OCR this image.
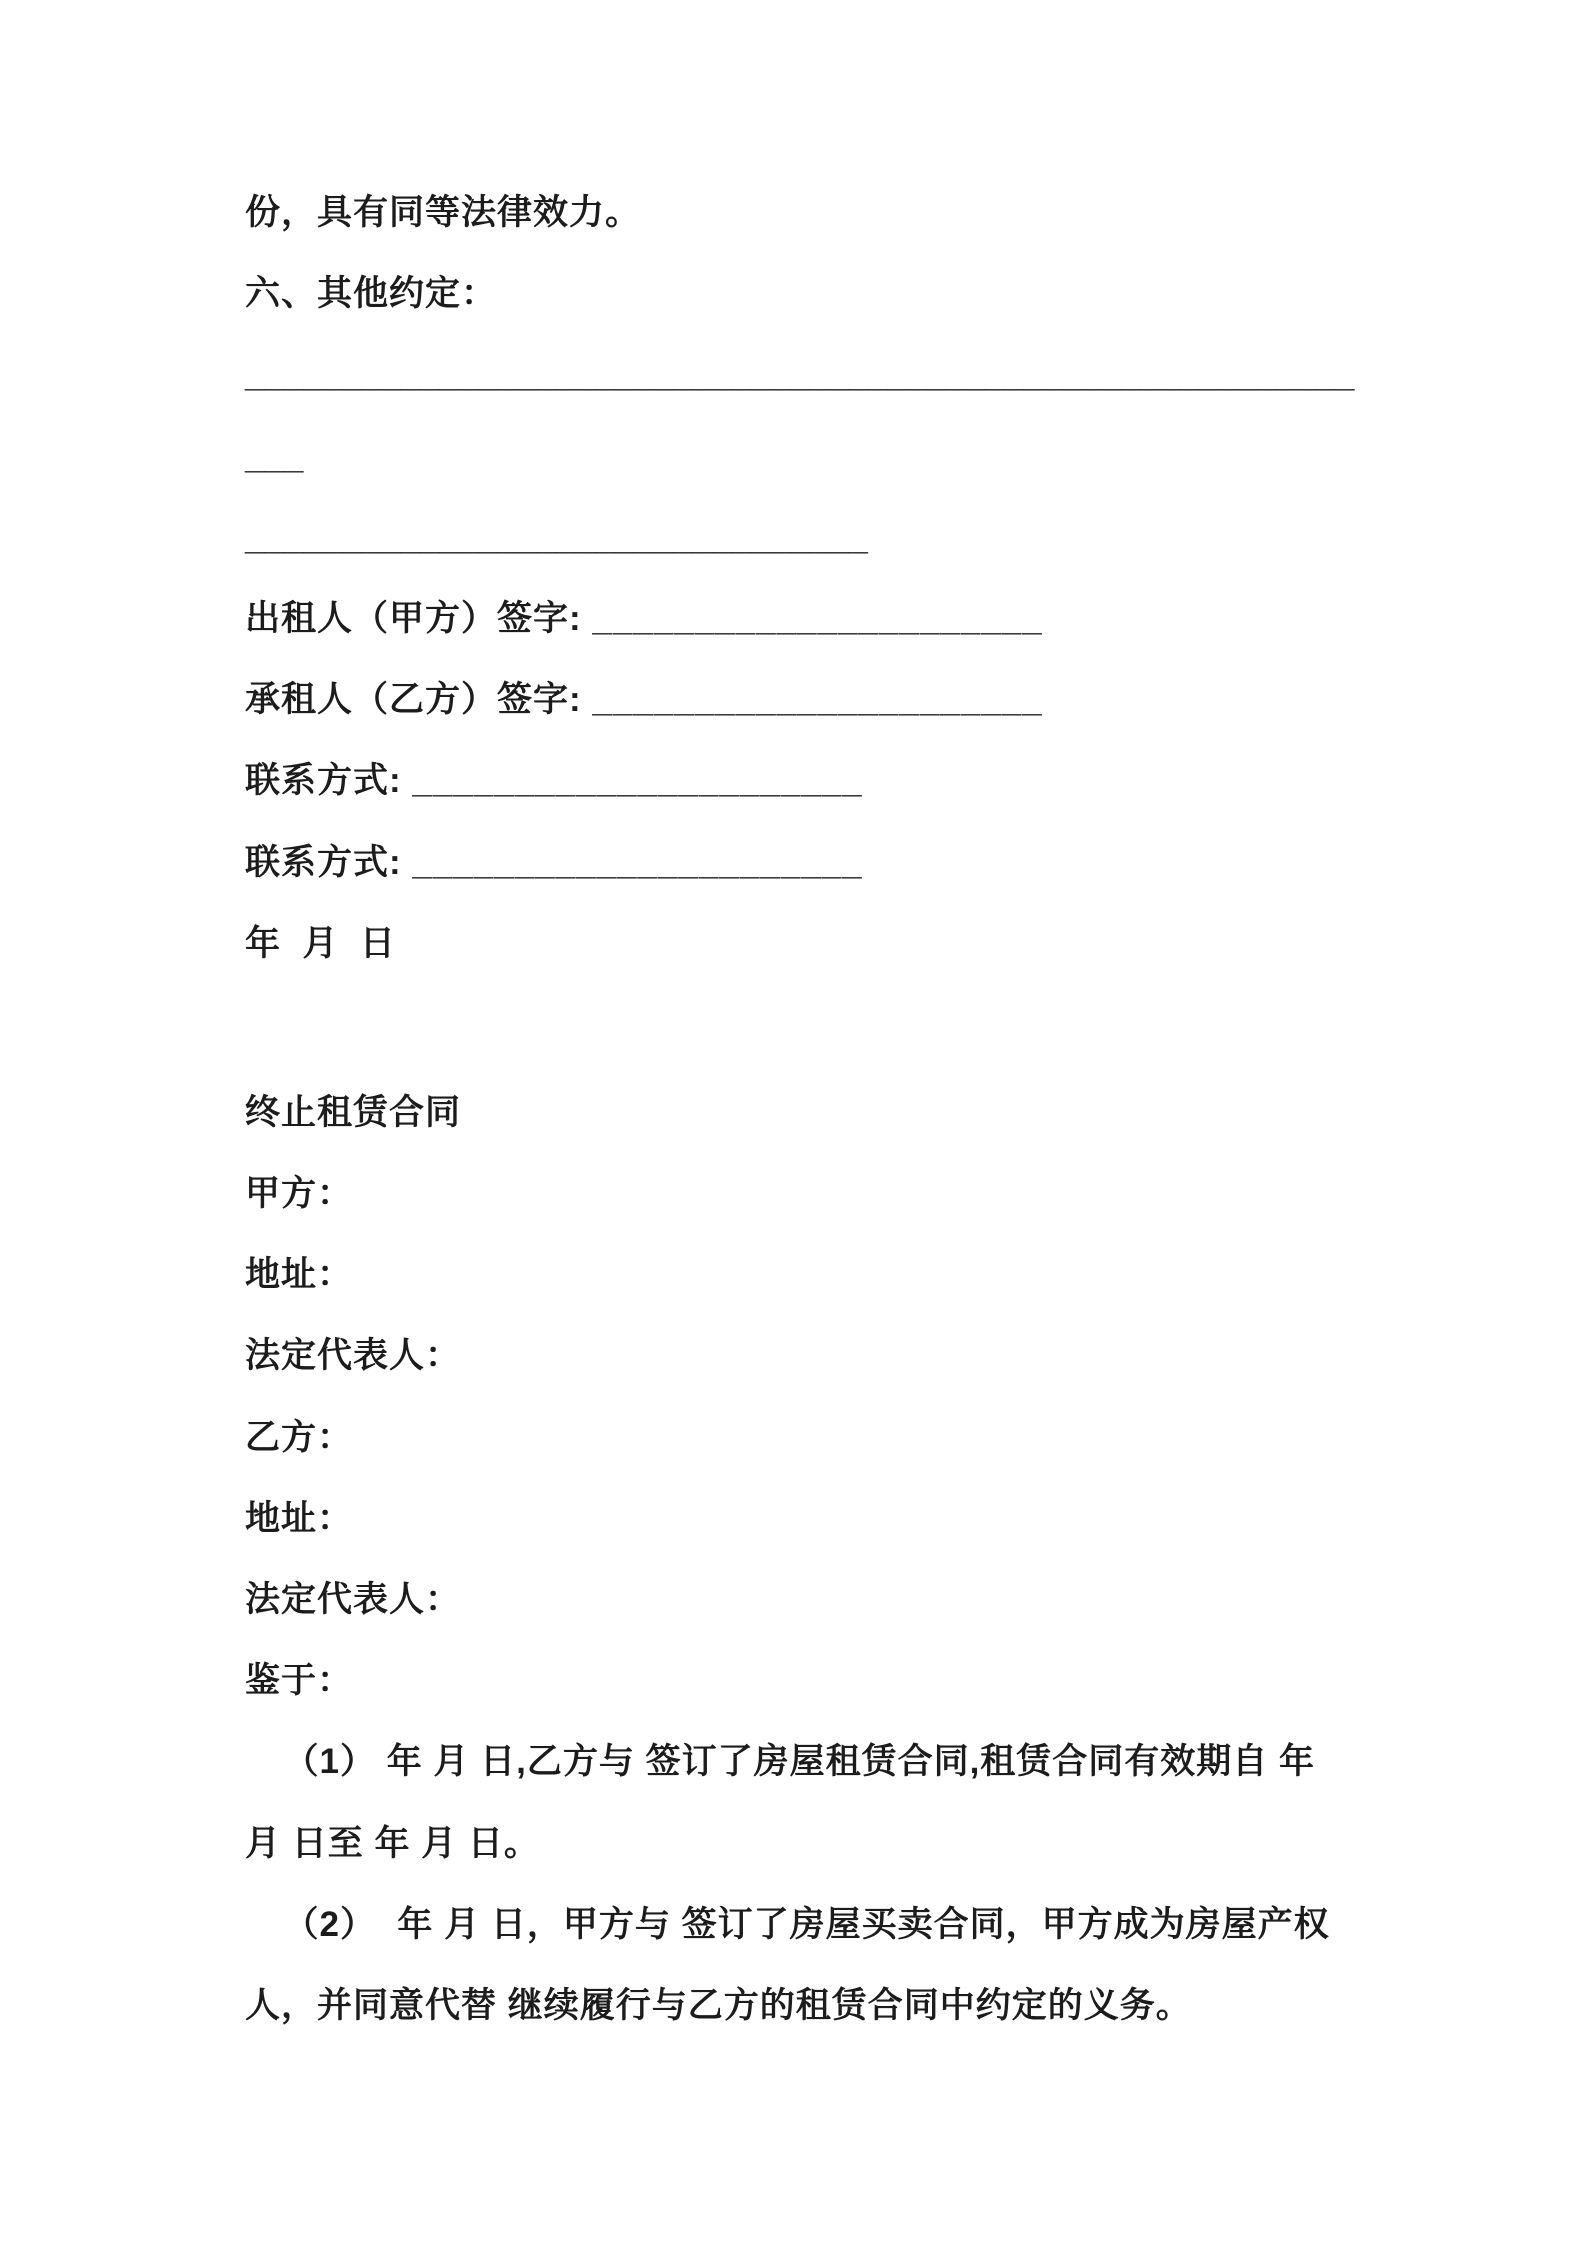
份，具有同等法律效力。
六、其他约定：
____________________________________________________________
________________________________
出租人（甲方）签字: ______________________
承租人（乙方）签字: ______________________
联系方式: ______________________
联系方式: ______________________
年  月  日
终止租赁合同
甲方：
地址：
法定代表人：
乙方：
地址：
法定代表人：
鉴于：
（1） 年 月 日,乙方与 签订了房屋租赁合同,租赁合同有效期自 年 月 日至 年 月 日。
（2）  年 月 日，甲方与 签订了房屋买卖合同，甲方成为房屋产权人，并同意代替 继续履行与乙方的租赁合同中约定的义务。
